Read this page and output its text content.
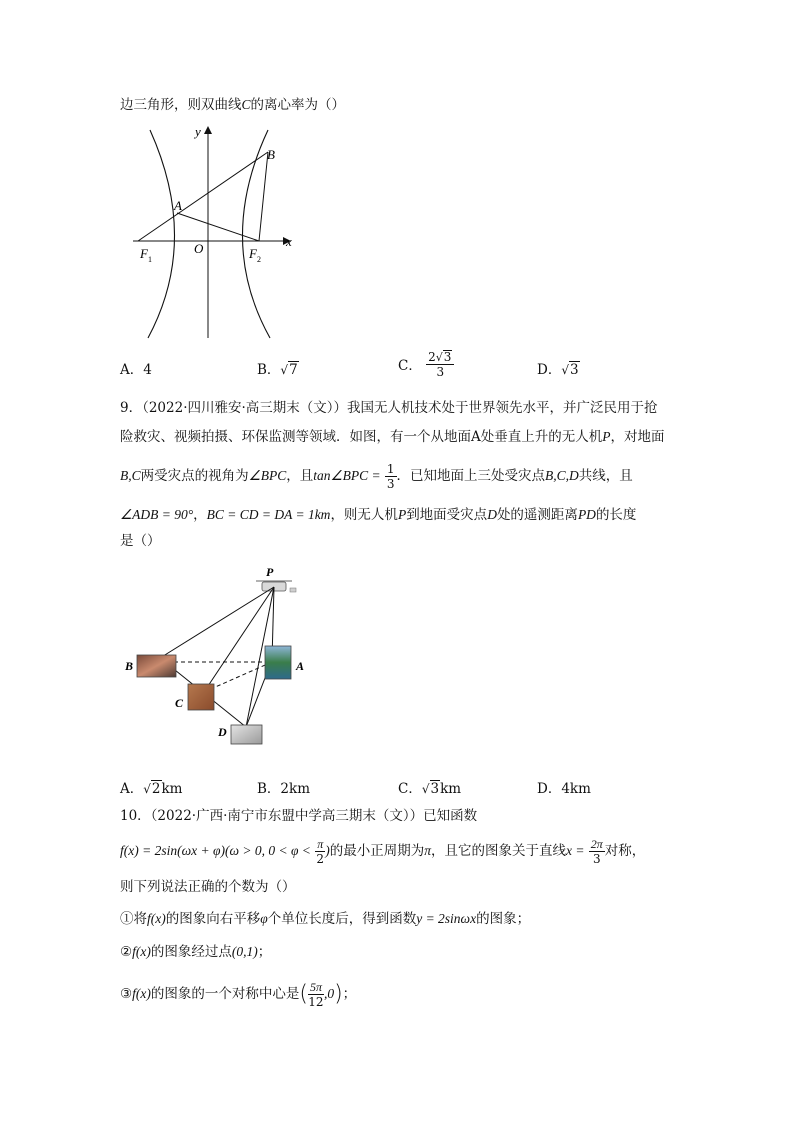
边三角形，则双曲线C的离心率为（）
y
x
O
A
B
F 1	F 2
A．4	B．√7	C． $\frac{2√3}{3}$	D．√3
9．（2022·四川雅安·高三期末（文））我国无人机技术处于世界领先水平，并广泛民用于抢
险救灾、视频拍摄、环保监测等领域．如图，有一个从地面A处垂直上升的无人机P，对地面
B,C两受灾点的视角为∠BPC，且tan∠BPC = $\frac{1}{3}$ ．已知地面上三处受灾点B,C,D共线，且
∠ADB = 90°，BC = CD = DA = 1km，则无人机P到地面受灾点D处的遥测距离PD的长度
是（）
P
B	A
C
D
A．√2km	B．2km	C．√3km	D．4km
10．（2022·广西·南宁市东盟中学高三期末（文））已知函数
f(x) = 2sin(ωx + φ)(ω > 0, $0 < \varphi < \frac{\pi}{2}$ )的最小正周期为π，且它的图象关于直线$x = \frac{2\pi}{3}$ 对称，
则下列说法正确的个数为（）
①将f(x)的图象向右平移φ个单位长度后，得到函数y = 2sinωx的图象；
②f(x)的图象经过点(0,1)；
③f(x)的图象的一个对称中心是( $\frac{5\pi}{12} ,0$)；
